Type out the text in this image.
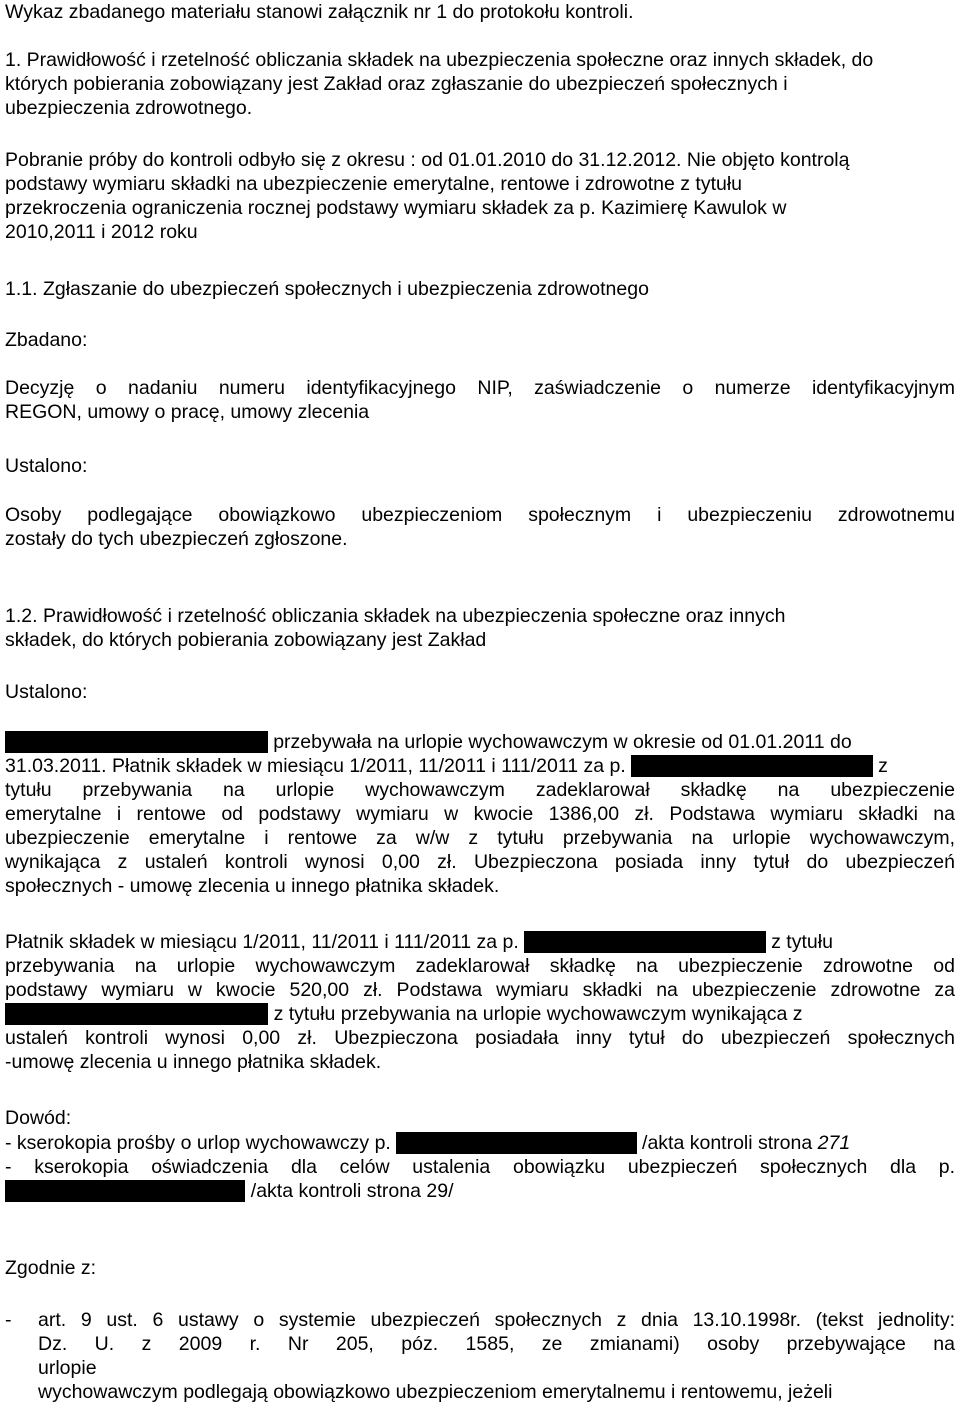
Wykaz zbadanego materiału stanowi załącznik nr 1 do protokołu kontroli.

1. Prawidłowość i rzetelność obliczania składek na ubezpieczenia społeczne oraz innych składek, do
których pobierania zobowiązany jest Zakład oraz zgłaszanie do ubezpieczeń społecznych i
ubezpieczenia zdrowotnego.
Pobranie próby do kontroli odbyło się z okresu : od 01.01.2010 do 31.12.2012. Nie objęto kontrolą
podstawy wymiaru składki na ubezpieczenie emerytalne, rentowe i zdrowotne z tytułu
przekroczenia ograniczenia rocznej podstawy wymiaru składek za p. Kazimierę Kawulok w
2010,2011 i 2012 roku

1.1. Zgłaszanie do ubezpieczeń społecznych i ubezpieczenia zdrowotnego

Zbadano:

Decyzję o nadaniu numeru identyfikacyjnego NIP, zaświadczenie o numerze identyfikacyjnym
REGON, umowy o pracę, umowy zlecenia

Ustalono:

Osoby podlegające obowiązkowo ubezpieczeniom społecznym i ubezpieczeniu zdrowotnemu
zostały do tych ubezpieczeń zgłoszone.
1.2. Prawidłowość i rzetelność obliczania składek na ubezpieczenia społeczne oraz innych
składek, do których pobierania zobowiązany jest Zakład

Ustalono:

P. Katarzyna Izmajłowicz-Orlik przebywała na urlopie wychowawczym w okresie od 01.01.2011 do
31.03.2011. Płatnik składek w miesiącu 1/2011, 11/2011 i 111/2011 za p. Katarzynę Izmajłowicz-Orlik z
tytułu przebywania na urlopie wychowawczym zadeklarował składkę na ubezpieczenie
emerytalne i rentowe od podstawy wymiaru w kwocie 1386,00 zł. Podstawa wymiaru składki na
ubezpieczenie emerytalne i rentowe za w/w z tytułu przebywania na urlopie wychowawczym,
wynikająca z ustaleń kontroli wynosi 0,00 zł. Ubezpieczona posiada inny tytuł do ubezpieczeń
społecznych - umowę zlecenia u innego płatnika składek.
Płatnik składek w miesiącu 1/2011, 11/2011 i 111/2011 za p. Katarzynę Izmajłowicz-Orlik z tytułu
przebywania na urlopie wychowawczym zadeklarował składkę na ubezpieczenie zdrowotne od
podstawy wymiaru w kwocie 520,00 zł. Podstawa wymiaru składki na ubezpieczenie zdrowotne za
p. Katarzynę Izmajłowicz-Orlik z tytułu przebywania na urlopie wychowawczym wynikająca z
ustaleń kontroli wynosi 0,00 zł. Ubezpieczona posiadała inny tytuł do ubezpieczeń społecznych
-umowę zlecenia u innego płatnika składek.

Dowód:

- kserokopia prośby o urlop wychowawczy p. Katarzyny Izmajłowicz-Orlik /akta kontroli strona 271
- kserokopia oświadczenia dla celów ustalenia obowiązku ubezpieczeń społecznych dla p.
Katarzyny Izmajłowicz-Orlik /akta kontroli strona 29/

Zgodnie z:

- art. 9 ust. 6 ustawy o systemie ubezpieczeń społecznych z dnia 13.10.1998r. (tekst jednolity:
Dz. U. z 2009 r. Nr 205, póz. 1585, ze zmianami) osoby przebywające na
urlopie
wychowawczym podlegają obowiązkowo ubezpieczeniom emerytalnemu i rentowemu, jeżeli
